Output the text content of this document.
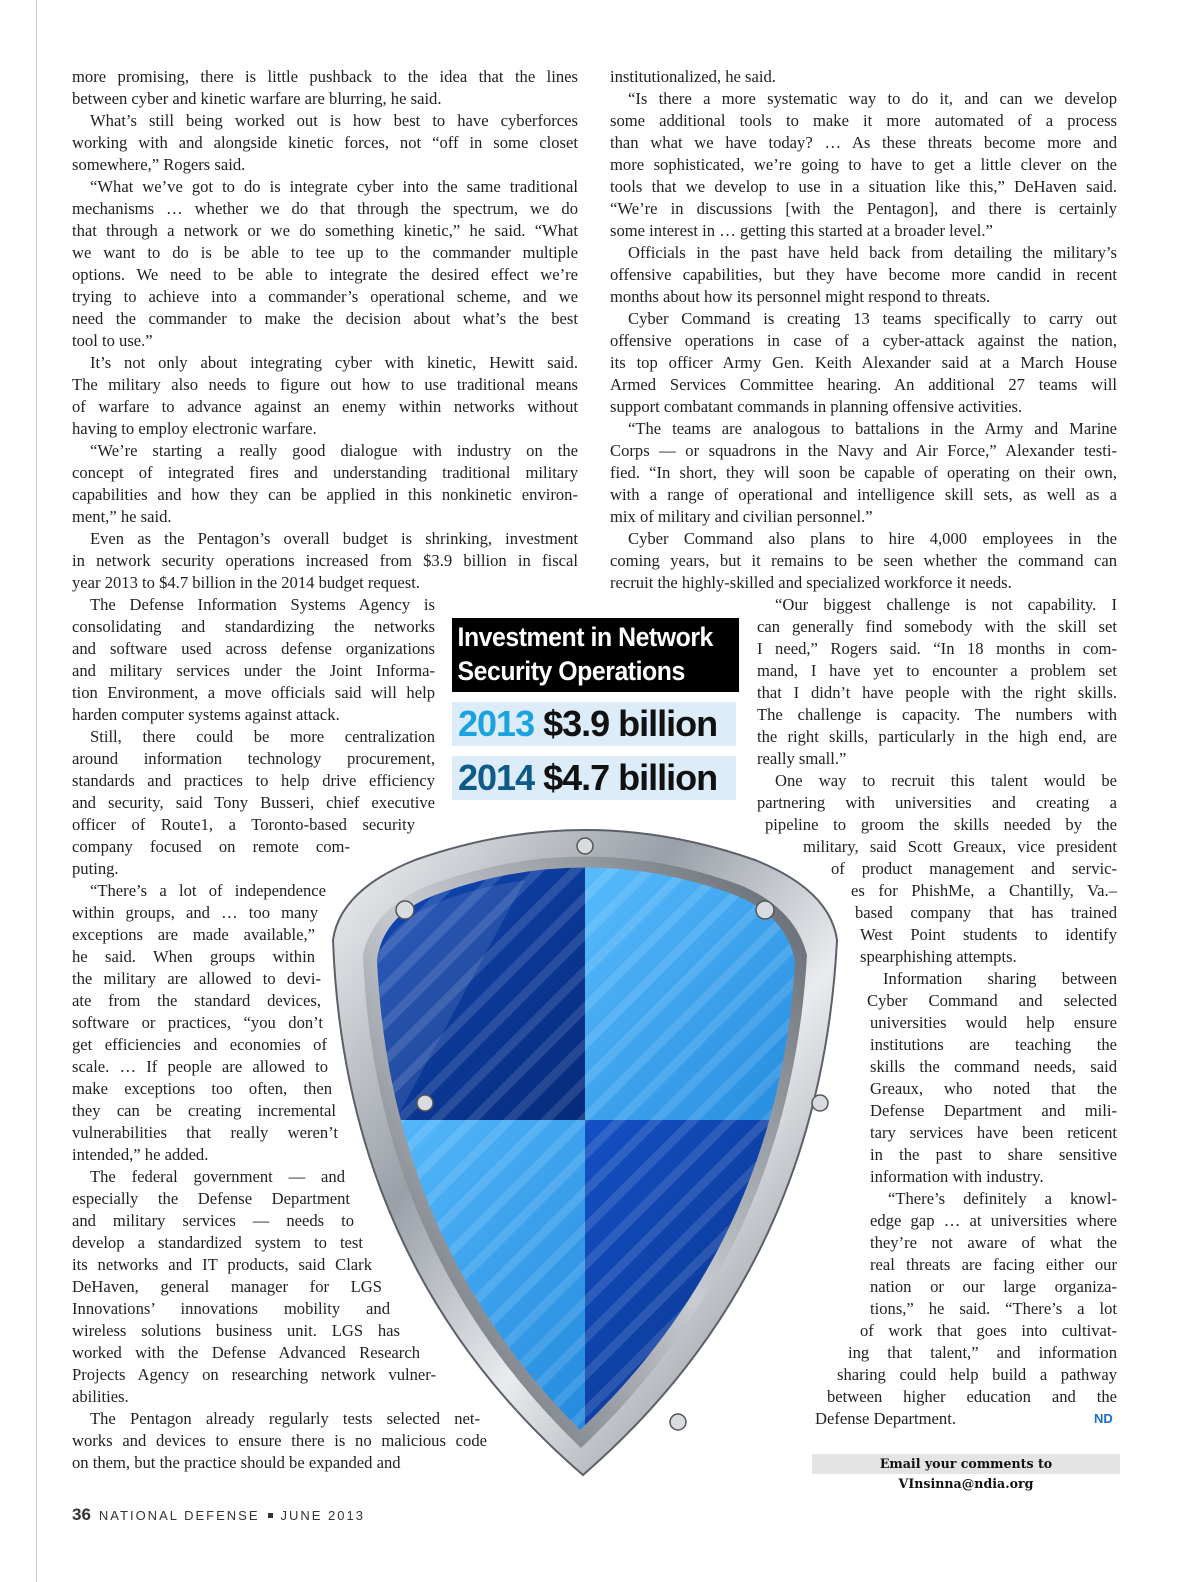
more promising, there is little pushback to the idea that the lines
between cyber and kinetic warfare are blurring, he said.
What’s still being worked out is how best to have cyberforces
working with and alongside kinetic forces, not “off in some closet
somewhere,” Rogers said.
“What we’ve got to do is integrate cyber into the same traditional
mechanisms … whether we do that through the spectrum, we do
that through a network or we do something kinetic,” he said. “What
we want to do is be able to tee up to the commander multiple
options. We need to be able to integrate the desired effect we’re
trying to achieve into a commander’s operational scheme, and we
need the commander to make the decision about what’s the best
tool to use.”
It’s not only about integrating cyber with kinetic, Hewitt said.
The military also needs to figure out how to use traditional means
of warfare to advance against an enemy within networks without
having to employ electronic warfare.
“We’re starting a really good dialogue with industry on the
concept of integrated fires and understanding traditional military
capabilities and how they can be applied in this nonkinetic environ-
ment,” he said.
Even as the Pentagon’s overall budget is shrinking, investment
in network security operations increased from $3.9 billion in fiscal
year 2013 to $4.7 billion in the 2014 budget request.
The Defense Information Systems Agency is
consolidating and standardizing the networks
and software used across defense organizations
and military services under the Joint Informa-
tion Environment, a move officials said will help
harden computer systems against attack.
Still, there could be more centralization
around information technology procurement,
standards and practices to help drive efficiency
and security, said Tony Busseri, chief executive
officer of Route1, a Toronto-based security
company focused on remote com-
puting.
“There’s a lot of independence
within groups, and … too many
exceptions are made available,”
he said. When groups within
the military are allowed to devi-
ate from the standard devices,
software or practices, “you don’t
get efficiencies and economies of
scale. … If people are allowed to
make exceptions too often, then
they can be creating incremental
vulnerabilities that really weren’t
intended,” he added.
The federal government — and
especially the Defense Department
and military services — needs to
develop a standardized system to test
its networks and IT products, said Clark
DeHaven, general manager for LGS
Innovations’ innovations mobility and
wireless solutions business unit. LGS has
worked with the Defense Advanced Research
Projects Agency on researching network vulner-
abilities.
The Pentagon already regularly tests selected net-
works and devices to ensure there is no malicious code
on them, but the practice should be expanded and
institutionalized, he said.
“Is there a more systematic way to do it, and can we develop
some additional tools to make it more automated of a process
than what we have today? … As these threats become more and
more sophisticated, we’re going to have to get a little clever on the
tools that we develop to use in a situation like this,” DeHaven said.
“We’re in discussions [with the Pentagon], and there is certainly
some interest in … getting this started at a broader level.”
Officials in the past have held back from detailing the military’s
offensive capabilities, but they have become more candid in recent
months about how its personnel might respond to threats.
Cyber Command is creating 13 teams specifically to carry out
offensive operations in case of a cyber-attack against the nation,
its top officer Army Gen. Keith Alexander said at a March House
Armed Services Committee hearing. An additional 27 teams will
support combatant commands in planning offensive activities.
“The teams are analogous to battalions in the Army and Marine
Corps — or squadrons in the Navy and Air Force,” Alexander testi-
fied. “In short, they will soon be capable of operating on their own,
with a range of operational and intelligence skill sets, as well as a
mix of military and civilian personnel.”
Cyber Command also plans to hire 4,000 employees in the
coming years, but it remains to be seen whether the command can
recruit the highly-skilled and specialized workforce it needs.
“Our biggest challenge is not capability. I
can generally find somebody with the skill set
I need,” Rogers said. “In 18 months in com-
mand, I have yet to encounter a problem set
that I didn’t have people with the right skills.
The challenge is capacity. The numbers with
the right skills, particularly in the high end, are
really small.”
One way to recruit this talent would be
partnering with universities and creating a
pipeline to groom the skills needed by the
military, said Scott Greaux, vice president
of product management and servic-
es for PhishMe, a Chantilly, Va.–
based company that has trained
West Point students to identify
spearphishing attempts.
Information sharing between
Cyber Command and selected
universities would help ensure
institutions are teaching the
skills the command needs, said
Greaux, who noted that the
Defense Department and mili-
tary services have been reticent
in the past to share sensitive
information with industry.
“There’s definitely a knowl-
edge gap … at universities where
they’re not aware of what the
real threats are facing either our
nation or our large organiza-
tions,” he said. “There’s a lot
of work that goes into cultivat-
ing that talent,” and information
sharing could help build a pathway
between higher education and the
Defense Department.
Investment in Network
Security Operations
2013 $3.9 billion
2014 $4.7 billion
ND
Email your comments to VInsinna@ndia.org
36 NATIONAL DEFENSE JUNE 2013
